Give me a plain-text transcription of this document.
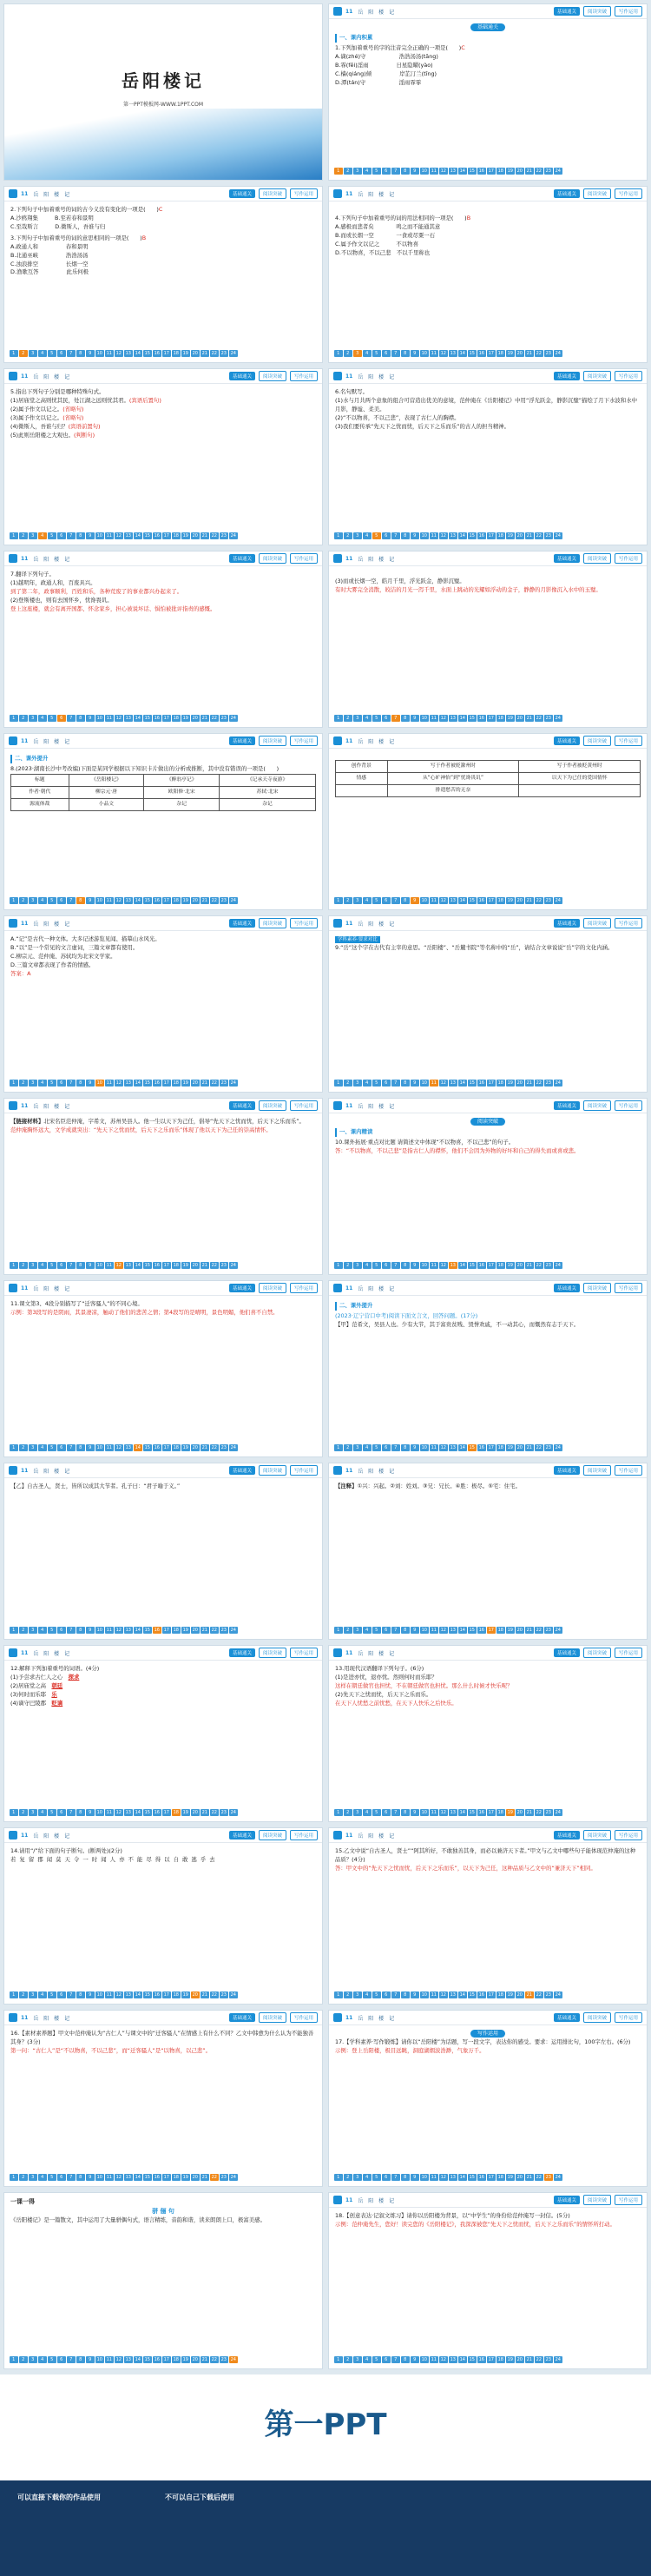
岳阳楼记
第一PPT模板网-WWW.1PPT.COM
11 岳 阳 楼 记	基础通关	阅读突破	写作运用
基础通关
一、课内积累
1.下列加着重号的字的注音完全正确的一项是(　　)C
A.谪(zhé)守　　　　　　浩浩汤汤(tāng)
B.霏(fēi)淫雨　　　　　日星隐曜(yào)
C.樯(qiáng)倾　　　　　岸芷汀兰(tīng)
D.潭(tán)守　　　　　　淫雨霏霏
1	2	3	4	5	6	7	8	9	10 11 12 13 14 15 16 17 18 19 20 21 22 23 24
11 岳 阳 楼 记	基础通关	阅读突破	写作运用
2.下列句子中加着重号的词的古今义没有变化的一项是(　　)C
A.沙鸥翔集　　　B.至若春和景明
C.至哉斯言　　　D.微斯人，吾谁与归
3.下列句子中加着重号的词的意思相同的一项是(　　)B
A.政通人和　　　　　春和景明
B.北通巫峡　　　　　浩浩汤汤
C.浊浪排空　　　　　长烟一空
D.渔歌互答　　　　　此乐何极
1	2	3	4	5	6	7	8	9	10 11 12 13 14 15 16 17 18 19 20 21 22 23 24
11 岳 阳 楼 记	基础通关	阅读突破	写作运用
4.下列句子中加着重号的词的用法相同的一项是(　　)B
A.感极而悲者矣　　　　鸣之而不能通其意
B.而或长烟一空　　　　一食或尽粟一石
C.属予作文以记之　　　不以物喜
D.不以物喜，不以己悲　不以千里称也
1	2	3	4	5	6	7	8	9	10 11 12 13 14 15 16 17 18 19 20 21 22 23 24
11 岳 阳 楼 记	基础通关	阅读突破	写作运用
5.指出下列句子分别是哪种特殊句式。
(1)居庙堂之高则忧其民，处江湖之远则忧其君。(宾语后置句)
(2)属予作文以记之。(省略句)
(3)属予作文以记之。(省略句)
(4)微斯人，吾谁与归？(宾语前置句)
(5)此则岳阳楼之大观也。(判断句)
1	2	3	4	5	6	7	8	9	10 11 12 13 14 15 16 17 18 19 20 21 22 23 24
11 岳 阳 楼 记	基础通关	阅读突破	写作运用
6.名句默写。
(1)水与月共两个意象的组合可营造出优美的意境，范仲淹在《岳阳楼记》中用“浮光跃金，静影沉璧”描绘了月下水波和水中月影，静谧、柔美。
(2)“不以物喜，不以己悲”，表现了古仁人的胸襟。
(3)我们要传承“先天下之忧而忧，后天下之乐而乐”的古人的担当精神。
1	2	3	4	5	6	7	8	9	10 11 12 13 14 15 16 17 18 19 20 21 22 23 24
11 岳 阳 楼 记	基础通关	阅读突破	写作运用
7.翻译下列句子。
(1)越明年，政通人和，百废具兴。
到了第二年，政事顺利，百姓和乐，各种荒废了的事业都兴办起来了。
(2)登斯楼也，则有去国怀乡，忧谗畏讥。
登上这座楼，就会有离开国都、怀念家乡，担心被说坏话、惧怕被批评指责的感慨。
1	2	3	4	5	6	7	8	9	10 11 12 13 14 15 16 17 18 19 20 21 22 23 24
11 岳 阳 楼 记	基础通关	阅读突破	写作运用
(3)而或长烟一空，皓月千里，浮光跃金，静影沉璧。
有时大雾完全消散，皎洁的月光一泻千里，水面上跳动的光耀如浮动的金子，静静的月影像沉入水中的玉璧。
1	2	3	4	5	6	7	8	9	10 11 12 13 14 15 16 17 18 19 20 21 22 23 24
11 岳 阳 楼 记	基础通关	阅读突破	写作运用
二、课外提升
8.(2023·湖南长沙中考改编)下面是某同学根据以下知识卡片做出的分析或推断，其中没有错误的一项是(　　)
标题	《岳阳楼记》	《醉翁亭记》	《记承天寺夜游》
作者·朝代	柳宗元·唐	欧阳修·北宋	苏轼·北宋
源流体裁	小品文	杂记	杂记
1	2	3	4	5	6	7	8	9	10 11 12 13 14 15 16 17 18 19 20 21 22 23 24
11 岳 阳 楼 记	基础通关	阅读突破	写作运用
创作背景	写于作者被贬滁州时	写于作者被贬黄州时
情感	从“心旷神怡”到“忧谗畏讥”	以天下为已任的爱国情怀
	排遣愁苦的无奈	
1	2	3	4	5	6	7	8	9	10 11 12 13 14 15 16 17 18 19 20 21 22 23 24
11 岳 阳 楼 记	基础通关	阅读突破	写作运用
A.“记”是古代一种文体。大多记述游览见闻、描摹山水风光。
B.“以”是一个常见的文言虚词，三篇文章都有使用。
C.柳宗元、范仲淹、苏轼均为北宋文学家。
D.三篇文章都表现了作者的情感。
答案：A
1	2	3	4	5	6	7	8	9	10 11 12 13 14 15 16 17 18 19 20 21 22 23 24
11 岳 阳 楼 记	基础通关	阅读突破	写作运用
学科素养·要求对比
9.“岳”这个字在古代有主宰的意思。“岳阳楼”、“岳麓书院”等名称中的“岳”，请结合文章说说“岳”字的文化内涵。
1	2	3	4	5	6	7	8	9	10 11 12 13 14 15 16 17 18 19 20 21 22 23 24
11 岳 阳 楼 记	基础通关	阅读突破	写作运用
【链接材料】北宋名臣范仲淹，字希文，苏州吴县人。他一生以天下为己任，倡导“先天下之忧而忧，后天下之乐而乐”。
范仲淹胸怀远大，文学成就突出：“先天下之忧而忧，后天下之乐而乐”体现了他以天下为己任的崇高情怀。
1	2	3	4	5	6	7	8	9	10 11 12 13 14 15 16 17 18 19 20 21 22 23 24
11 岳 阳 楼 记	基础通关	阅读突破	写作运用
阅读突破
一、课内精读
10.课外拓展·重点对比题 请简述文中体现“不以物喜，不以己悲”的句子。
答：“不以物喜，不以己悲”是指古仁人的襟怀，他们不会因为外物的好坏和自己的得失而或喜或悲。
1	2	3	4	5	6	7	8	9	10 11 12 13 14 15 16 17 18 19 20 21 22 23 24
11 岳 阳 楼 记	基础通关	阅读突破	写作运用
11.课文第3、4段分别描写了“迁客骚人”的不同心境。
示例：第3段写的是阴雨，其景凄凉，触动了他们的悲苦之情；第4段写的是晴明，景色明媚，他们喜不自禁。
1	2	3	4	5	6	7	8	9	10 11 12 13 14 15 16 17 18 19 20 21 22 23 24
11 岳 阳 楼 记	基础通关	阅读突破	写作运用
二、课外提升
(2023·辽宁营口中考)阅读下面文言文，回答问题。(17分)
【甲】范希文，吴县人也。少有大节，其于富贵贫贱、毁誉欢戚，不一动其心，而慨然有志于天下。
1	2	3	4	5	6	7	8	9	10 11 12 13 14 15 16 17 18 19 20 21 22 23 24
11 岳 阳 楼 记	基础通关	阅读突破	写作运用
【乙】自古圣人，贤士，皆所以成其大节者。孔子曰：“君子喻于义。”
1	2	3	4	5	6	7	8	9	10 11 12 13 14 15 16 17 18 19 20 21 22 23 24
11 岳 阳 楼 记	基础通关	阅读突破	写作运用
【注释】①兴：兴起。②刘：姓刘。③兄：兄长。④胜：极尽。⑤宅：住宅。
1	2	3	4	5	6	7	8	9	10 11 12 13 14 15 16 17 18 19 20 21 22 23 24
11 岳 阳 楼 记	基础通关	阅读突破	写作运用
12.解释下列加着重号的词语。(4分)
(1)予尝求古仁人之心　 探求
(2)居庙堂之高　 朝廷
(3)何时而乐耶　 乐
(4)谪守巴陵郡　 贬谪
1	2	3	4	5	6	7	8	9	10 11 12 13 14 15 16 17 18 19 20 21 22 23 24
11 岳 阳 楼 记	基础通关	阅读突破	写作运用
13.用现代汉语翻译下列句子。(6分)
(1)是进亦忧，退亦忧。然则何时而乐耶？
这样在朝廷做官也担忧，不在朝廷做官也担忧。那么什么时候才快乐呢？
(2)先天下之忧而忧，后天下之乐而乐。
在天下人忧愁之前忧愁，在天下人快乐之后快乐。
1	2	3	4	5	6	7	8	9	10 11 12 13 14 15 16 17 18 19 20 21 22 23 24
11 岳 阳 楼 记	基础通关	阅读突破	写作运用
14.请用“/”给下面的句子断句。(断两处)(2分)
若 复 留 郡 闻 莫 天 令 一 时 闻 人 亦 不 能 尽 得 以 自 敢 逃 乎 去
1	2	3	4	5	6	7	8	9	10 11 12 13 14 15 16 17 18 19 20 21 22 23 24
11 岳 阳 楼 记	基础通关	阅读突破	写作运用
15.乙文中说“自古圣人，贤士”“阿其所好，不敢独善其身，而必以兼济天下者。”甲文与乙文中哪些句子能体现范仲淹的这种品质？(4分)
答：甲文中的“先天下之忧而忧，后天下之乐而乐”，以天下为己任，这种品质与乙文中的“兼济天下”相同。
1	2	3	4	5	6	7	8	9	10 11 12 13 14 15 16 17 18 19 20 21 22 23 24
11 岳 阳 楼 记	基础通关	阅读突破	写作运用
16.【素材素养题】甲文中范仲淹认为“古仁人”与课文中的“迁客骚人”在情感上有什么不同？乙文中韩愈为什么认为不能独善其身？(3分)
第一问：“古仁人”是“不以物喜，不以己悲”，而“迁客骚人”是“以物喜，以己悲”。
1	2	3	4	5	6	7	8	9	10 11 12 13 14 15 16 17 18 19 20 21 22 23 24
11 岳 阳 楼 记	基础通关	阅读突破	写作运用
写作运用
17.【学科素养·写作锻炼】请你以“岳阳楼”为话题，写一段文字，表达你的感受。要求：运用排比句，100字左右。(6分)
示例：登上岳阳楼，极目远眺，洞庭湖烟波浩渺，气象万千。
1	2	3	4	5	6	7	8	9	10 11 12 13 14 15 16 17 18 19 20 21 22 23 24
一课一得
骈 俪 句
《岳阳楼记》是一篇散文，其中运用了大量骈偶句式，语言精练，音韵和谐，读来朗朗上口，极富美感。
1	2	3	4	5	6	7	8	9	10 11 12 13 14 15 16 17 18 19 20 21 22 23 24
11 岳 阳 楼 记	基础通关	阅读突破	写作运用
18.【创意表达·记叙文练习】请你以岳阳楼为背景，以“中学生”的身份给范仲淹写一封信。(5分)
示例：范仲淹先生，您好！读完您的《岳阳楼记》，我深深被您“先天下之忧而忧，后天下之乐而乐”的情怀所打动。
1	2	3	4	5	6	7	8	9	10 11 12 13 14 15 16 17 18 19 20 21 22 23 24
第一PPT
可以直接下载你的作品使用	不可以自己下载后使用
